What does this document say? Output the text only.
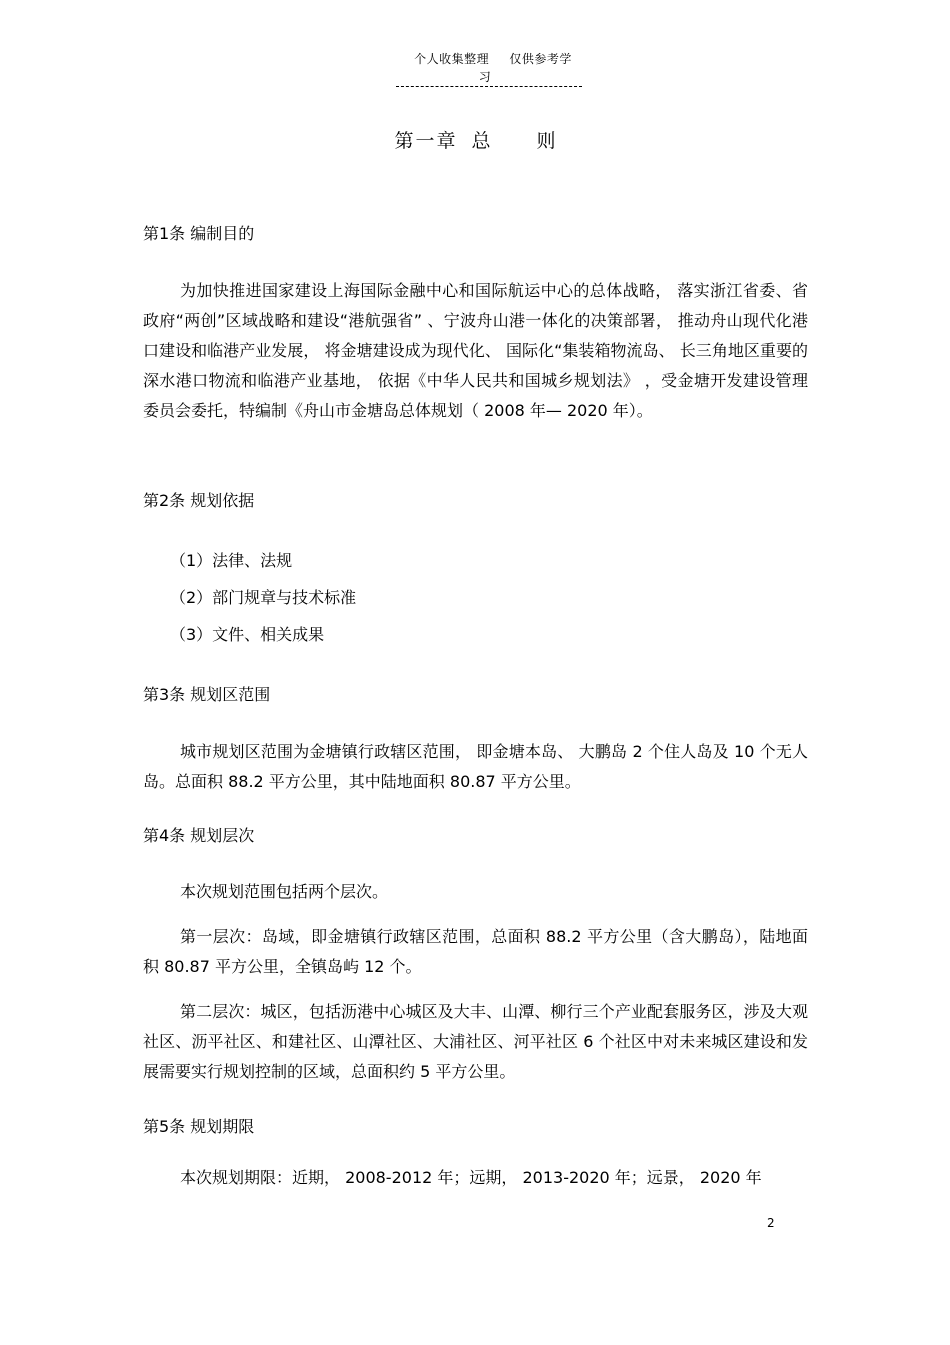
个人收集整理 仅供参考学习
第一章 总 则
第1条 编制目的
为加快推进国家建设上海国际金融中心和国际航运中心的总体战略， 落实浙江省委、省政府“两创”区域战略和建设“港航强省” 、宁波舟山港一体化的决策部署， 推动舟山现代化港口建设和临港产业发展， 将金塘建设成为现代化、 国际化“集装箱物流岛、 长三角地区重要的深水港口物流和临港产业基地， 依据《中华人民共和国城乡规划法》 ，受金塘开发建设管理委员会委托，特编制《舟山市金塘岛总体规划（ 2008 年— 2020 年）。
第2条 规划依据
（1）法律、法规
（2）部门规章与技术标准
（3）文件、相关成果
第3条 规划区范围
城市规划区范围为金塘镇行政辖区范围， 即金塘本岛、 大鹏岛 2 个住人岛及 10 个无人岛。总面积 88.2 平方公里，其中陆地面积 80.87 平方公里。
第4条 规划层次
本次规划范围包括两个层次。
第一层次：岛域，即金塘镇行政辖区范围，总面积 88.2 平方公里（含大鹏岛），陆地面积 80.87 平方公里，全镇岛屿 12 个。
第二层次：城区，包括沥港中心城区及大丰、山潭、柳行三个产业配套服务区，涉及大观社区、沥平社区、和建社区、山潭社区、大浦社区、河平社区 6 个社区中对未来城区建设和发展需要实行规划控制的区域，总面积约 5 平方公里。
第5条 规划期限
本次规划期限：近期， 2008-2012 年；远期， 2013-2020 年；远景， 2020 年
2
